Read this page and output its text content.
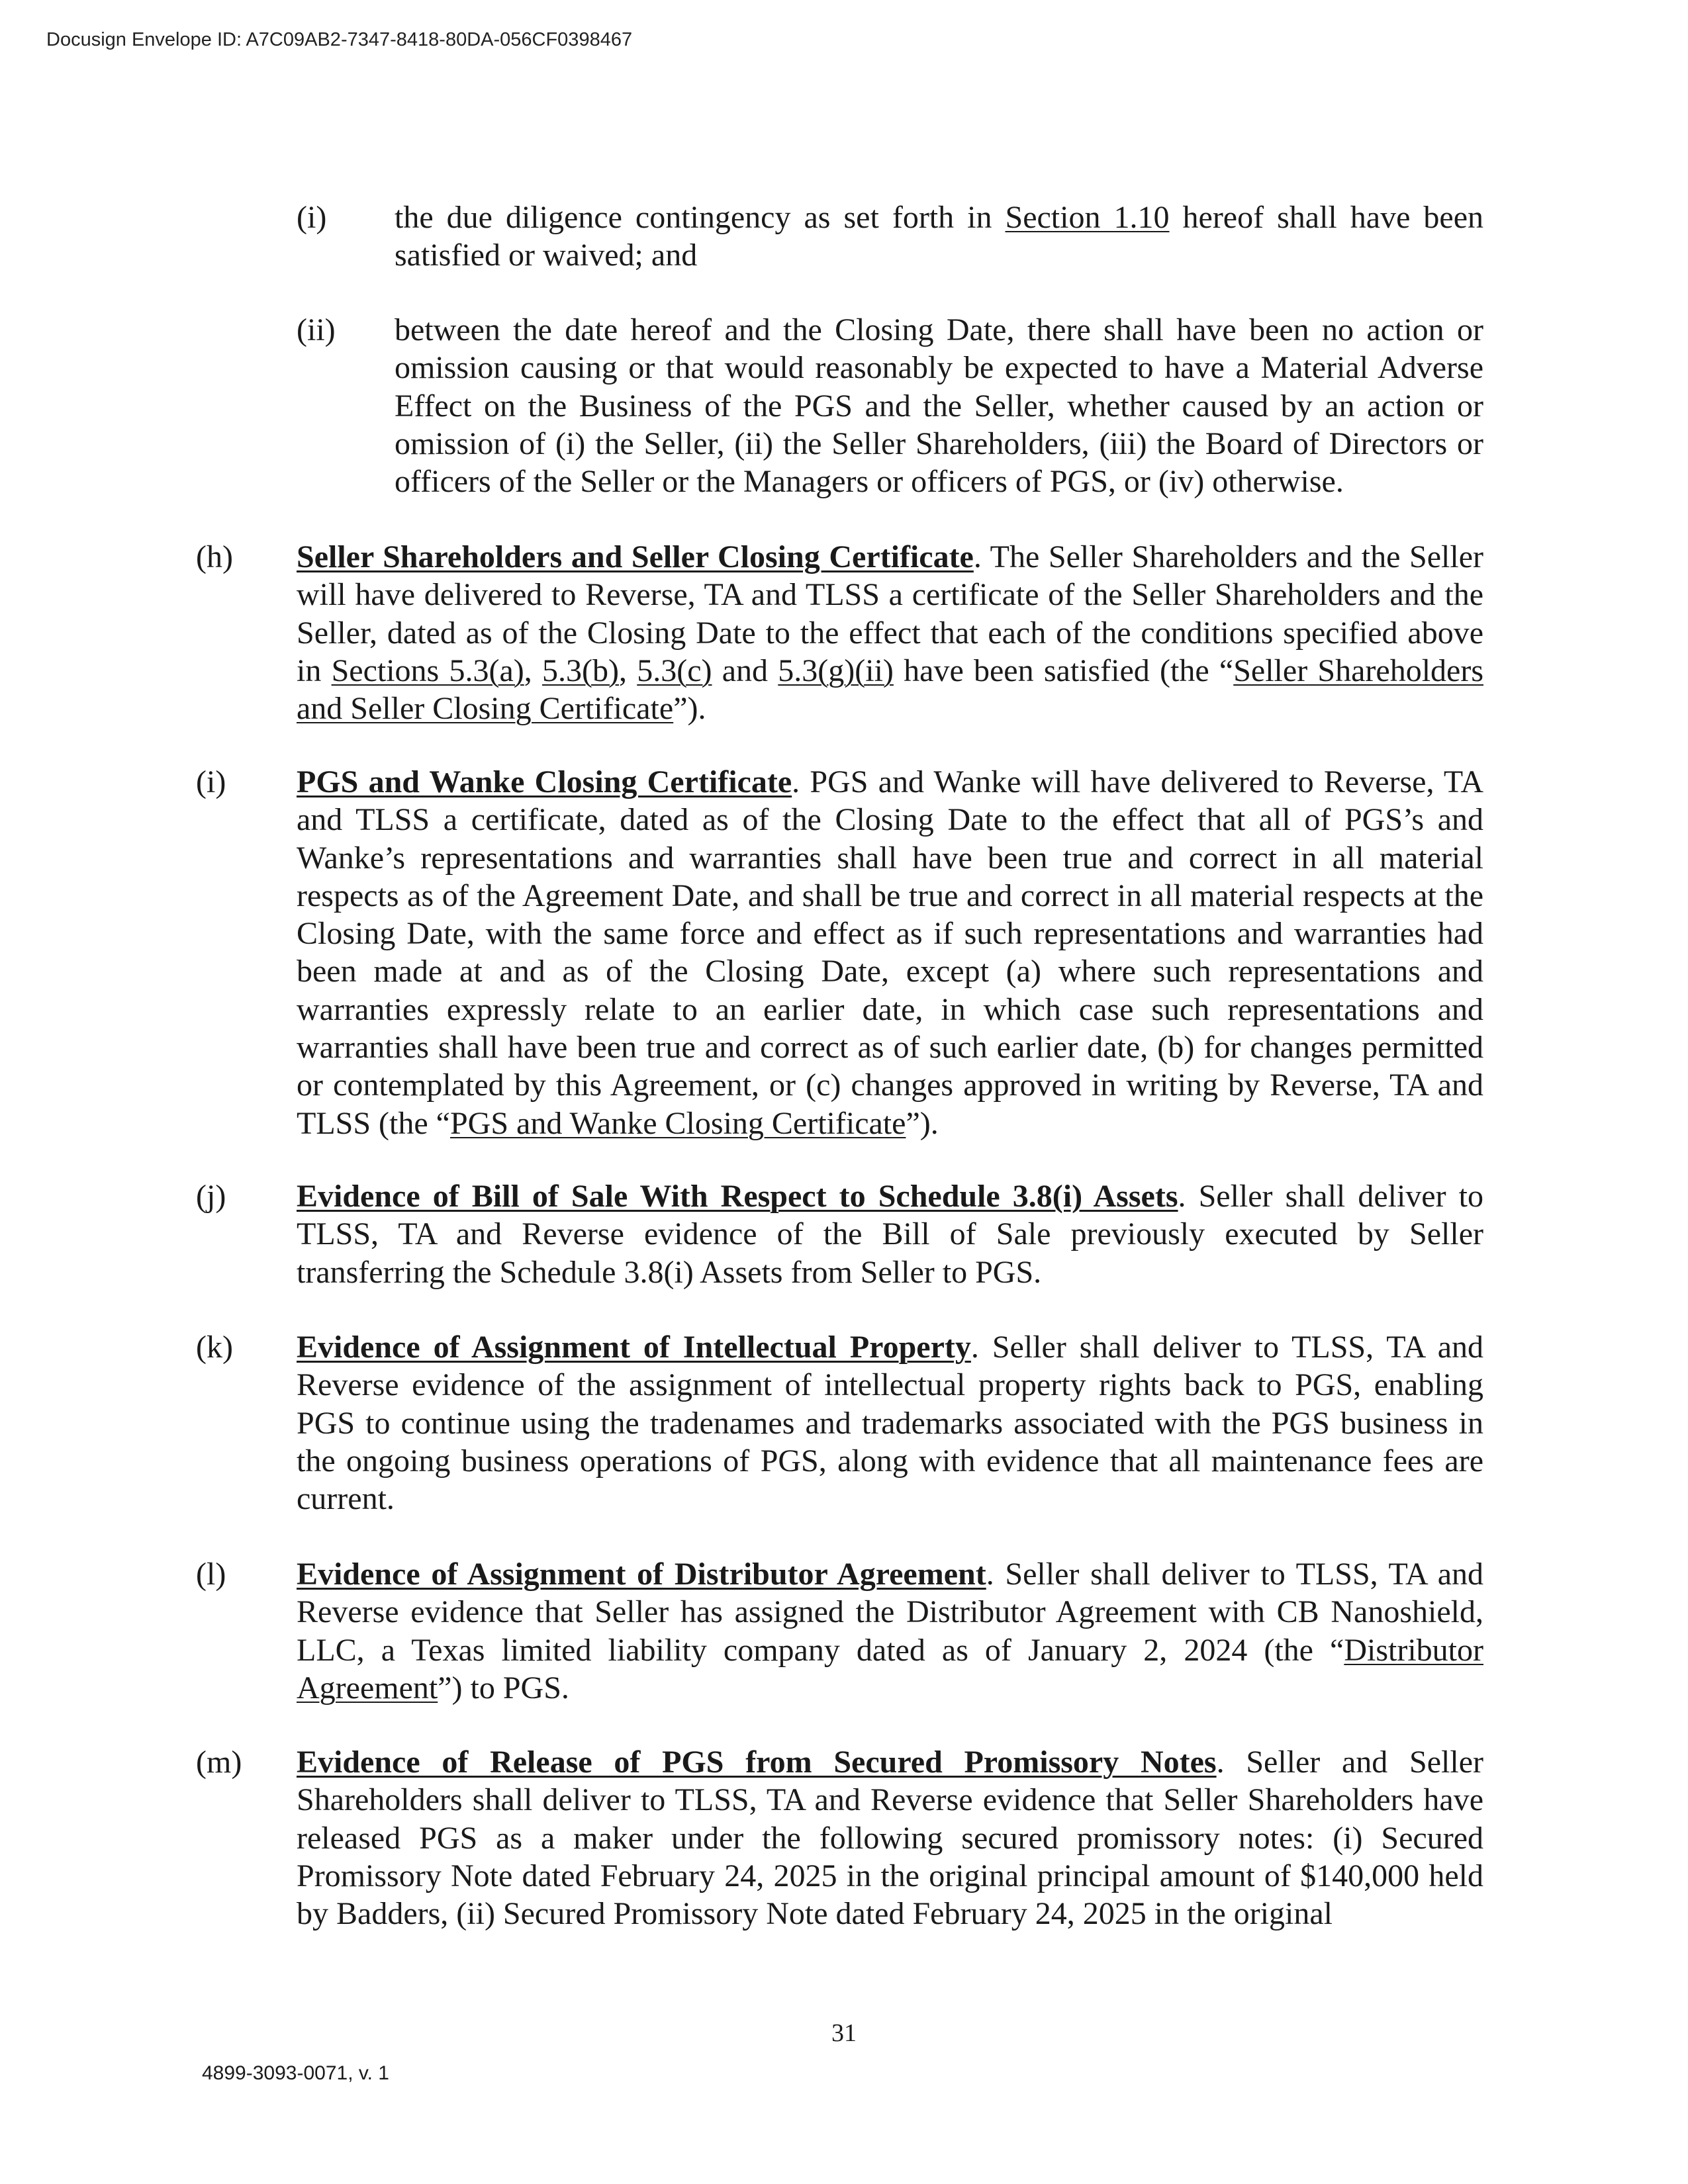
Docusign Envelope ID: A7C09AB2-7347-8418-80DA-056CF0398467
(i) the due diligence contingency as set forth in Section 1.10 hereof shall have been satisfied or waived; and
(ii) between the date hereof and the Closing Date, there shall have been no action or omission causing or that would reasonably be expected to have a Material Adverse Effect on the Business of the PGS and the Seller, whether caused by an action or omission of (i) the Seller, (ii) the Seller Shareholders, (iii) the Board of Directors or officers of the Seller or the Managers or officers of PGS, or (iv) otherwise.
(h) Seller Shareholders and Seller Closing Certificate. The Seller Shareholders and the Seller will have delivered to Reverse, TA and TLSS a certificate of the Seller Shareholders and the Seller, dated as of the Closing Date to the effect that each of the conditions specified above in Sections 5.3(a), 5.3(b), 5.3(c) and 5.3(g)(ii) have been satisfied (the “Seller Shareholders and Seller Closing Certificate”).
(i) PGS and Wanke Closing Certificate. PGS and Wanke will have delivered to Reverse, TA and TLSS a certificate, dated as of the Closing Date to the effect that all of PGS’s and Wanke’s representations and warranties shall have been true and correct in all material respects as of the Agreement Date, and shall be true and correct in all material respects at the Closing Date, with the same force and effect as if such representations and warranties had been made at and as of the Closing Date, except (a) where such representations and warranties expressly relate to an earlier date, in which case such representations and warranties shall have been true and correct as of such earlier date, (b) for changes permitted or contemplated by this Agreement, or (c) changes approved in writing by Reverse, TA and TLSS (the “PGS and Wanke Closing Certificate”).
(j) Evidence of Bill of Sale With Respect to Schedule 3.8(i) Assets. Seller shall deliver to TLSS, TA and Reverse evidence of the Bill of Sale previously executed by Seller transferring the Schedule 3.8(i) Assets from Seller to PGS.
(k) Evidence of Assignment of Intellectual Property. Seller shall deliver to TLSS, TA and Reverse evidence of the assignment of intellectual property rights back to PGS, enabling PGS to continue using the tradenames and trademarks associated with the PGS business in the ongoing business operations of PGS, along with evidence that all maintenance fees are current.
(l) Evidence of Assignment of Distributor Agreement. Seller shall deliver to TLSS, TA and Reverse evidence that Seller has assigned the Distributor Agreement with CB Nanoshield, LLC, a Texas limited liability company dated as of January 2, 2024 (the “Distributor Agreement”) to PGS.
(m) Evidence of Release of PGS from Secured Promissory Notes. Seller and Seller Shareholders shall deliver to TLSS, TA and Reverse evidence that Seller Shareholders have released PGS as a maker under the following secured promissory notes: (i) Secured Promissory Note dated February 24, 2025 in the original principal amount of $140,000 held by Badders, (ii) Secured Promissory Note dated February 24, 2025 in the original
31
4899-3093-0071, v. 1
